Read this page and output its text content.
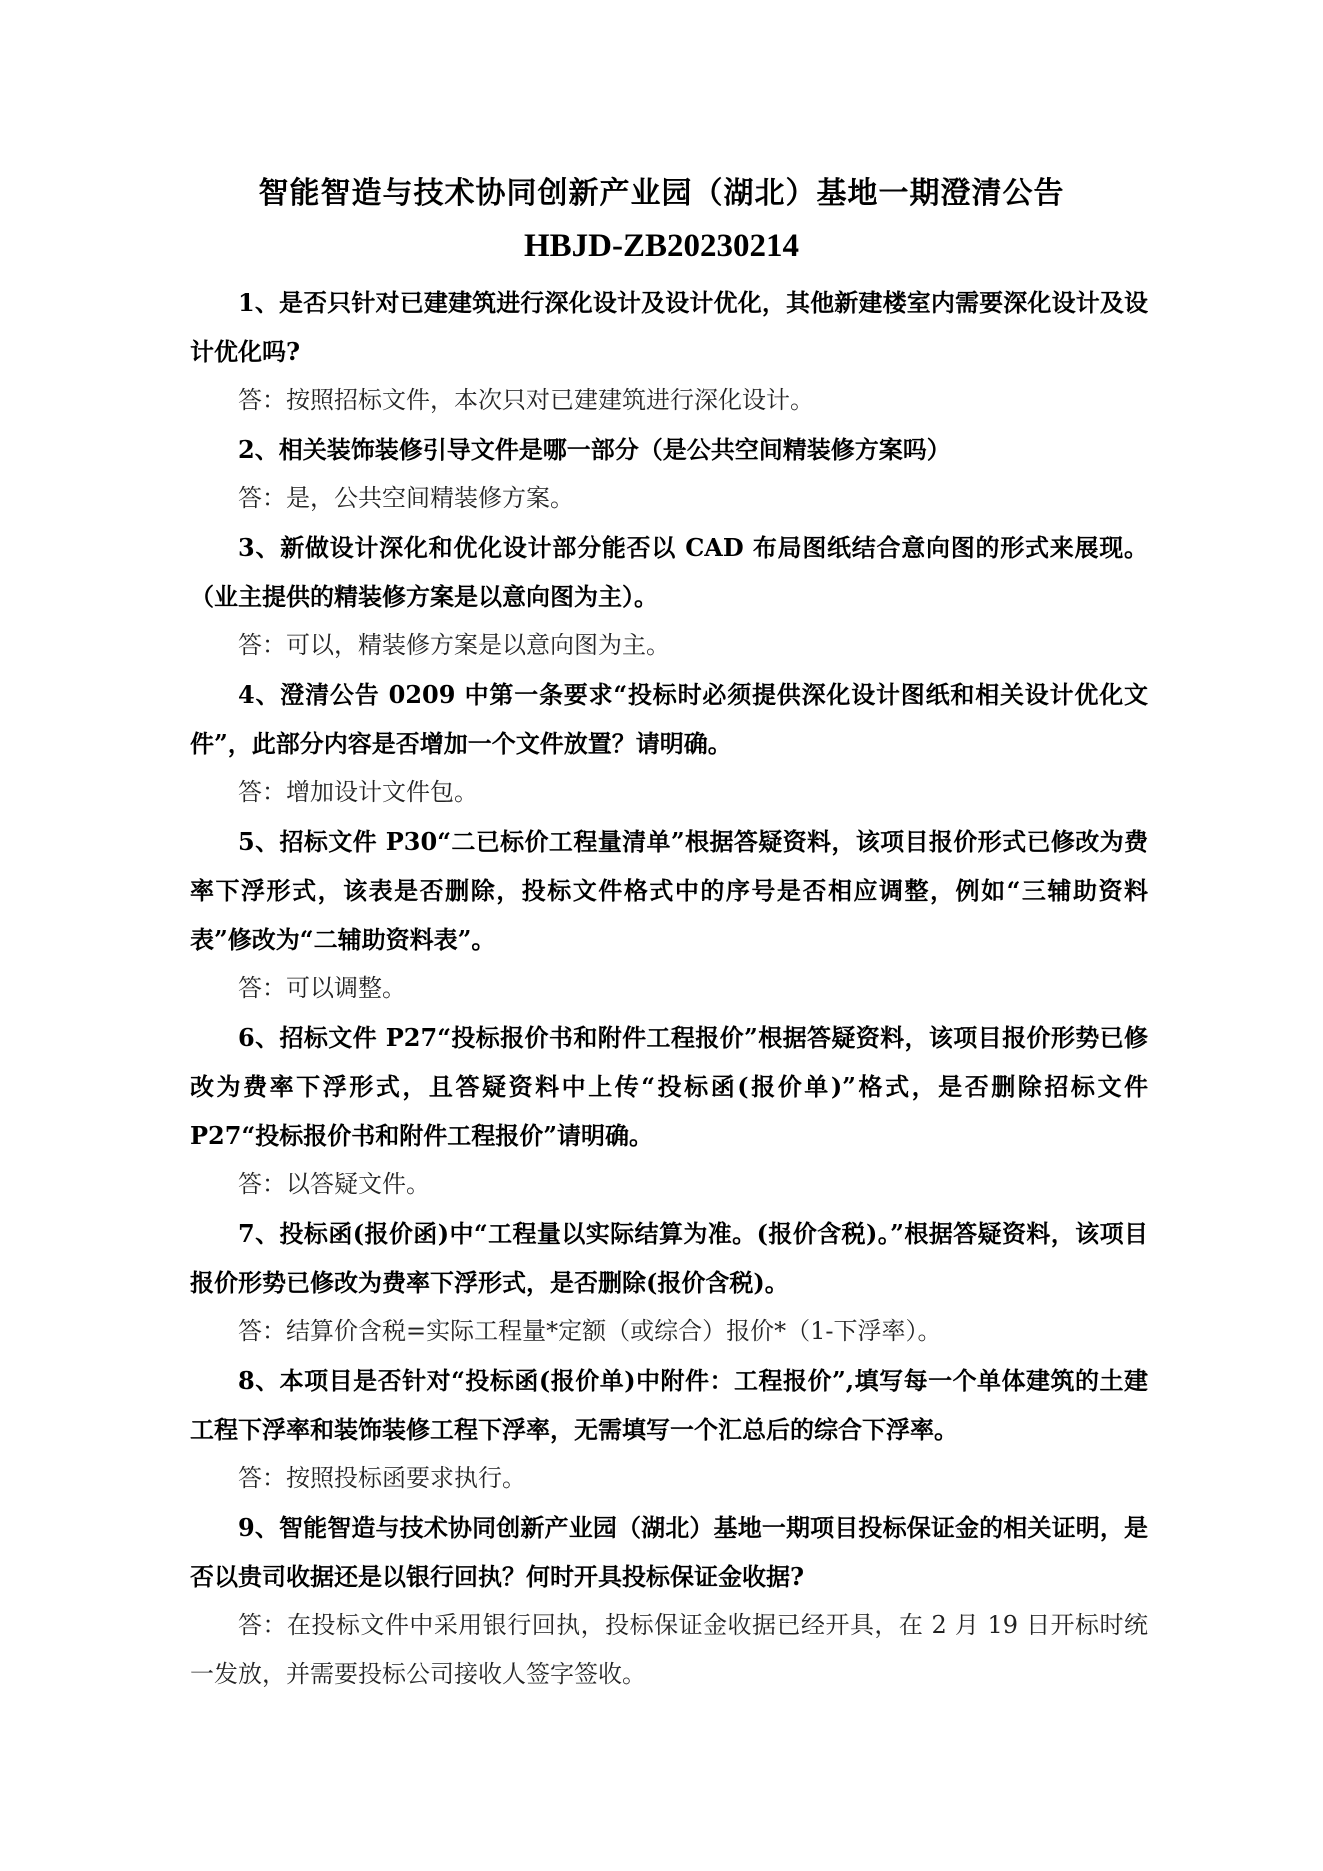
智能智造与技术协同创新产业园（湖北）基地一期澄清公告
HBJD-ZB20230214

1、是否只针对已建建筑进行深化设计及设计优化，其他新建楼室内需要深化设计及设计优化吗?

答：按照招标文件，本次只对已建建筑进行深化设计。

2、相关装饰装修引导文件是哪一部分（是公共空间精装修方案吗）

答：是，公共空间精装修方案。

3、新做设计深化和优化设计部分能否以 CAD 布局图纸结合意向图的形式来展现。（业主提供的精装修方案是以意向图为主）。

答：可以，精装修方案是以意向图为主。

4、澄清公告 0209 中第一条要求“投标时必须提供深化设计图纸和相关设计优化文件”，此部分内容是否增加一个文件放置？请明确。

答：增加设计文件包。

5、招标文件 P30“二已标价工程量清单”根据答疑资料，该项目报价形式已修改为费率下浮形式，该表是否删除，投标文件格式中的序号是否相应调整，例如“三辅助资料表”修改为“二辅助资料表”。

答：可以调整。

6、招标文件 P27“投标报价书和附件工程报价”根据答疑资料，该项目报价形势已修改为费率下浮形式，且答疑资料中上传“投标函(报价单)”格式，是否删除招标文件 P27“投标报价书和附件工程报价”请明确。

答：以答疑文件。

7、投标函(报价函)中“工程量以实际结算为准。(报价含税)。”根据答疑资料，该项目报价形势已修改为费率下浮形式，是否删除(报价含税)。

答：结算价含税=实际工程量*定额（或综合）报价*（1-下浮率）。

8、本项目是否针对“投标函(报价单)中附件：工程报价”,填写每一个单体建筑的土建工程下浮率和装饰装修工程下浮率，无需填写一个汇总后的综合下浮率。

答：按照投标函要求执行。

9、智能智造与技术协同创新产业园（湖北）基地一期项目投标保证金的相关证明，是否以贵司收据还是以银行回执？何时开具投标保证金收据?

答：在投标文件中采用银行回执，投标保证金收据已经开具，在 2 月 19 日开标时统一发放，并需要投标公司接收人签字签收。
